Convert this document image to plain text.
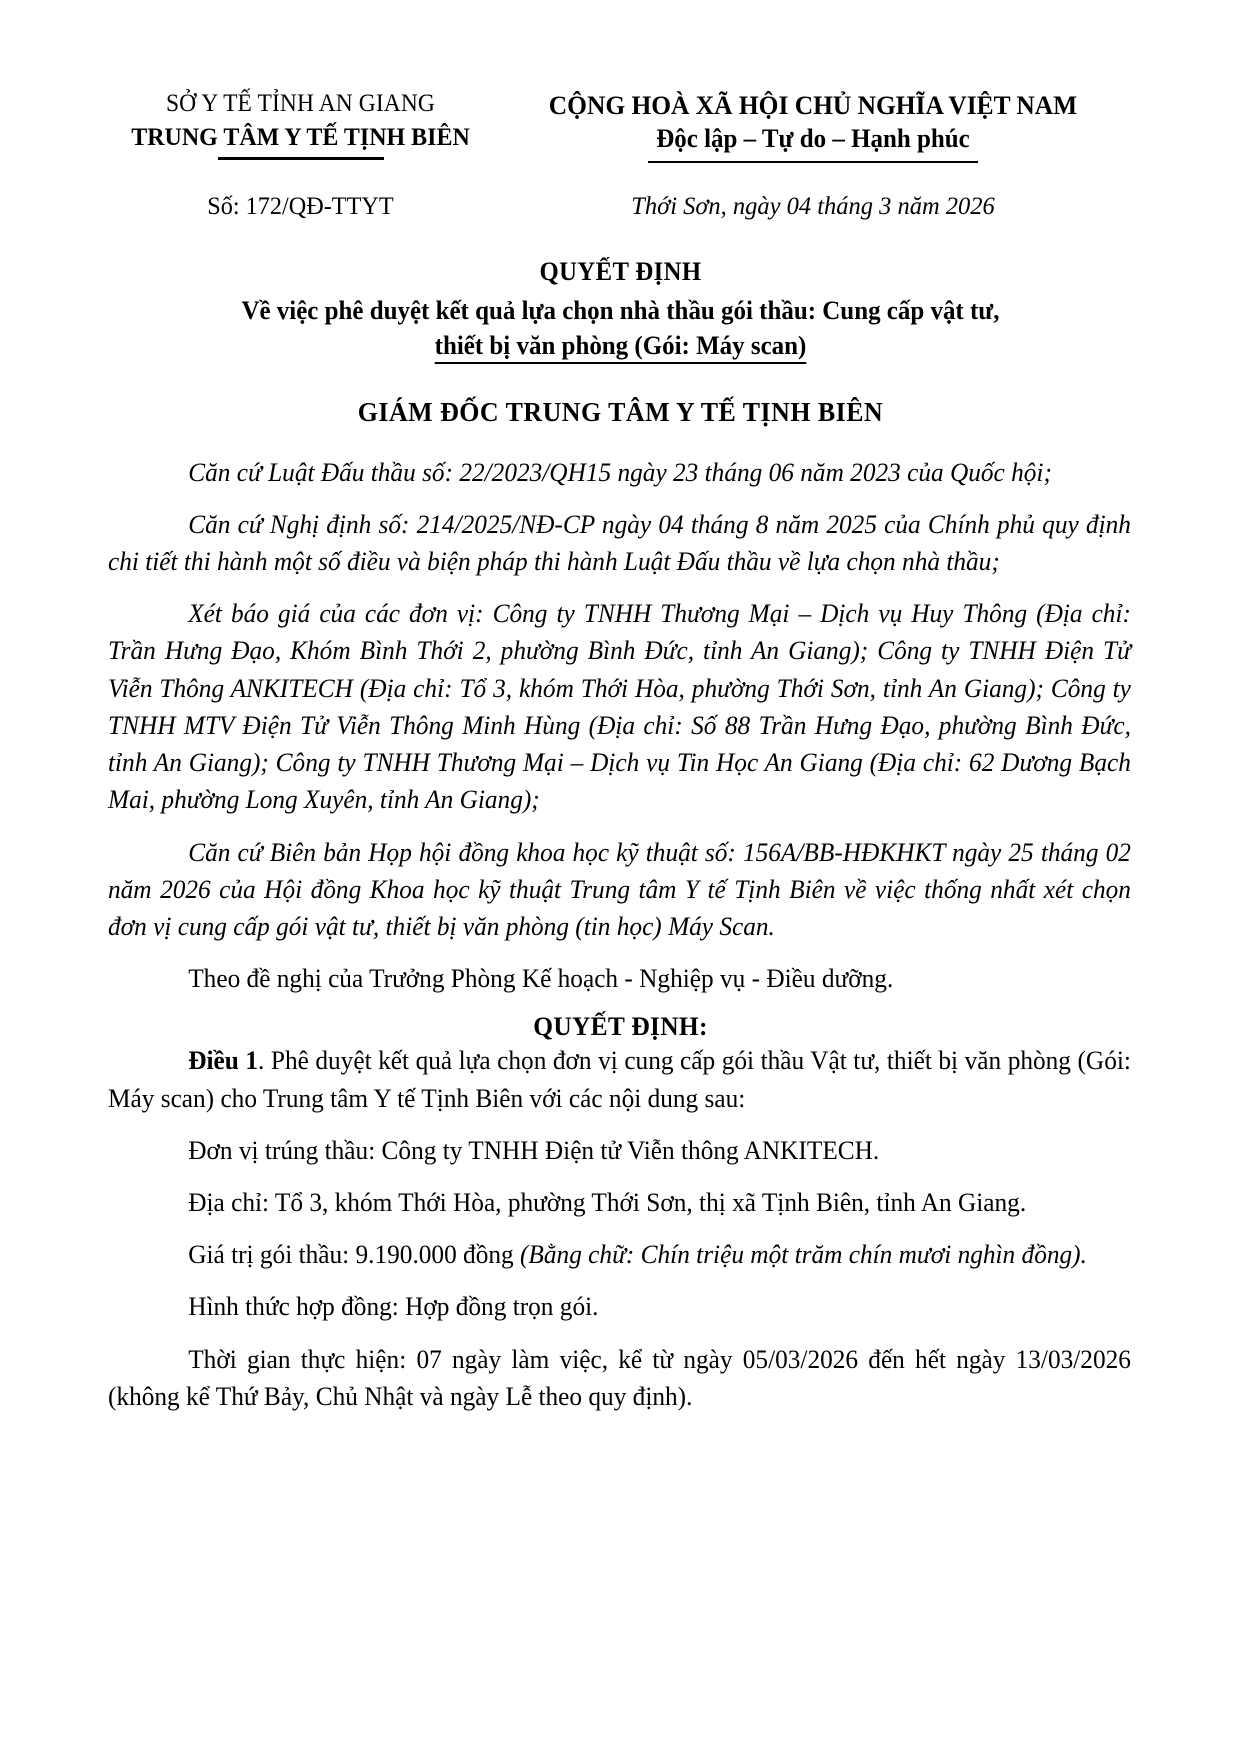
SỞ Y TẾ TỈNH AN GIANG
TRUNG TÂM Y TẾ TỊNH BIÊN
CỘNG HOÀ XÃ HỘI CHỦ NGHĨA VIỆT NAM
Độc lập – Tự do – Hạnh phúc
Số: 172/QĐ-TTYT	Thới Sơn, ngày 04 tháng 3 năm 2026
QUYẾT ĐỊNH
Về việc phê duyệt kết quả lựa chọn nhà thầu gói thầu: Cung cấp vật tư,
thiết bị văn phòng (Gói: Máy scan)
GIÁM ĐỐC TRUNG TÂM Y TẾ TỊNH BIÊN

Căn cứ Luật Đấu thầu số: 22/2023/QH15 ngày 23 tháng 06 năm 2023 của Quốc hội;

Căn cứ Nghị định số: 214/2025/NĐ-CP ngày 04 tháng 8 năm 2025 của Chính phủ quy định chi tiết thi hành một số điều và biện pháp thi hành Luật Đấu thầu về lựa chọn nhà thầu;

Xét báo giá của các đơn vị: Công ty TNHH Thương Mại – Dịch vụ Huy Thông (Địa chỉ: Trần Hưng Đạo, Khóm Bình Thới 2, phường Bình Đức, tỉnh An Giang); Công ty TNHH Điện Tử Viễn Thông ANKITECH (Địa chỉ: Tổ 3, khóm Thới Hòa, phường Thới Sơn, tỉnh An Giang); Công ty TNHH MTV Điện Tử Viễn Thông Minh Hùng (Địa chỉ: Số 88 Trần Hưng Đạo, phường Bình Đức, tỉnh An Giang); Công ty TNHH Thương Mại – Dịch vụ Tin Học An Giang (Địa chỉ: 62 Dương Bạch Mai, phường Long Xuyên, tỉnh An Giang);

Căn cứ Biên bản Họp hội đồng khoa học kỹ thuật số: 156A/BB-HĐKHKT ngày 25 tháng 02 năm 2026 của Hội đồng Khoa học kỹ thuật Trung tâm Y tế Tịnh Biên về việc thống nhất xét chọn đơn vị cung cấp gói vật tư, thiết bị văn phòng (tin học) Máy Scan.

Theo đề nghị của Trưởng Phòng Kế hoạch - Nghiệp vụ - Điều dưỡng.

QUYẾT ĐỊNH:

Điều 1. Phê duyệt kết quả lựa chọn đơn vị cung cấp gói thầu Vật tư, thiết bị văn phòng (Gói: Máy scan) cho Trung tâm Y tế Tịnh Biên với các nội dung sau:

Đơn vị trúng thầu: Công ty TNHH Điện tử Viễn thông ANKITECH.

Địa chỉ: Tổ 3, khóm Thới Hòa, phường Thới Sơn, thị xã Tịnh Biên, tỉnh An Giang.

Giá trị gói thầu: 9.190.000 đồng (Bằng chữ: Chín triệu một trăm chín mươi nghìn đồng).

Hình thức hợp đồng: Hợp đồng trọn gói.

Thời gian thực hiện: 07 ngày làm việc, kể từ ngày 05/03/2026 đến hết ngày 13/03/2026 (không kể Thứ Bảy, Chủ Nhật và ngày Lễ theo quy định).
